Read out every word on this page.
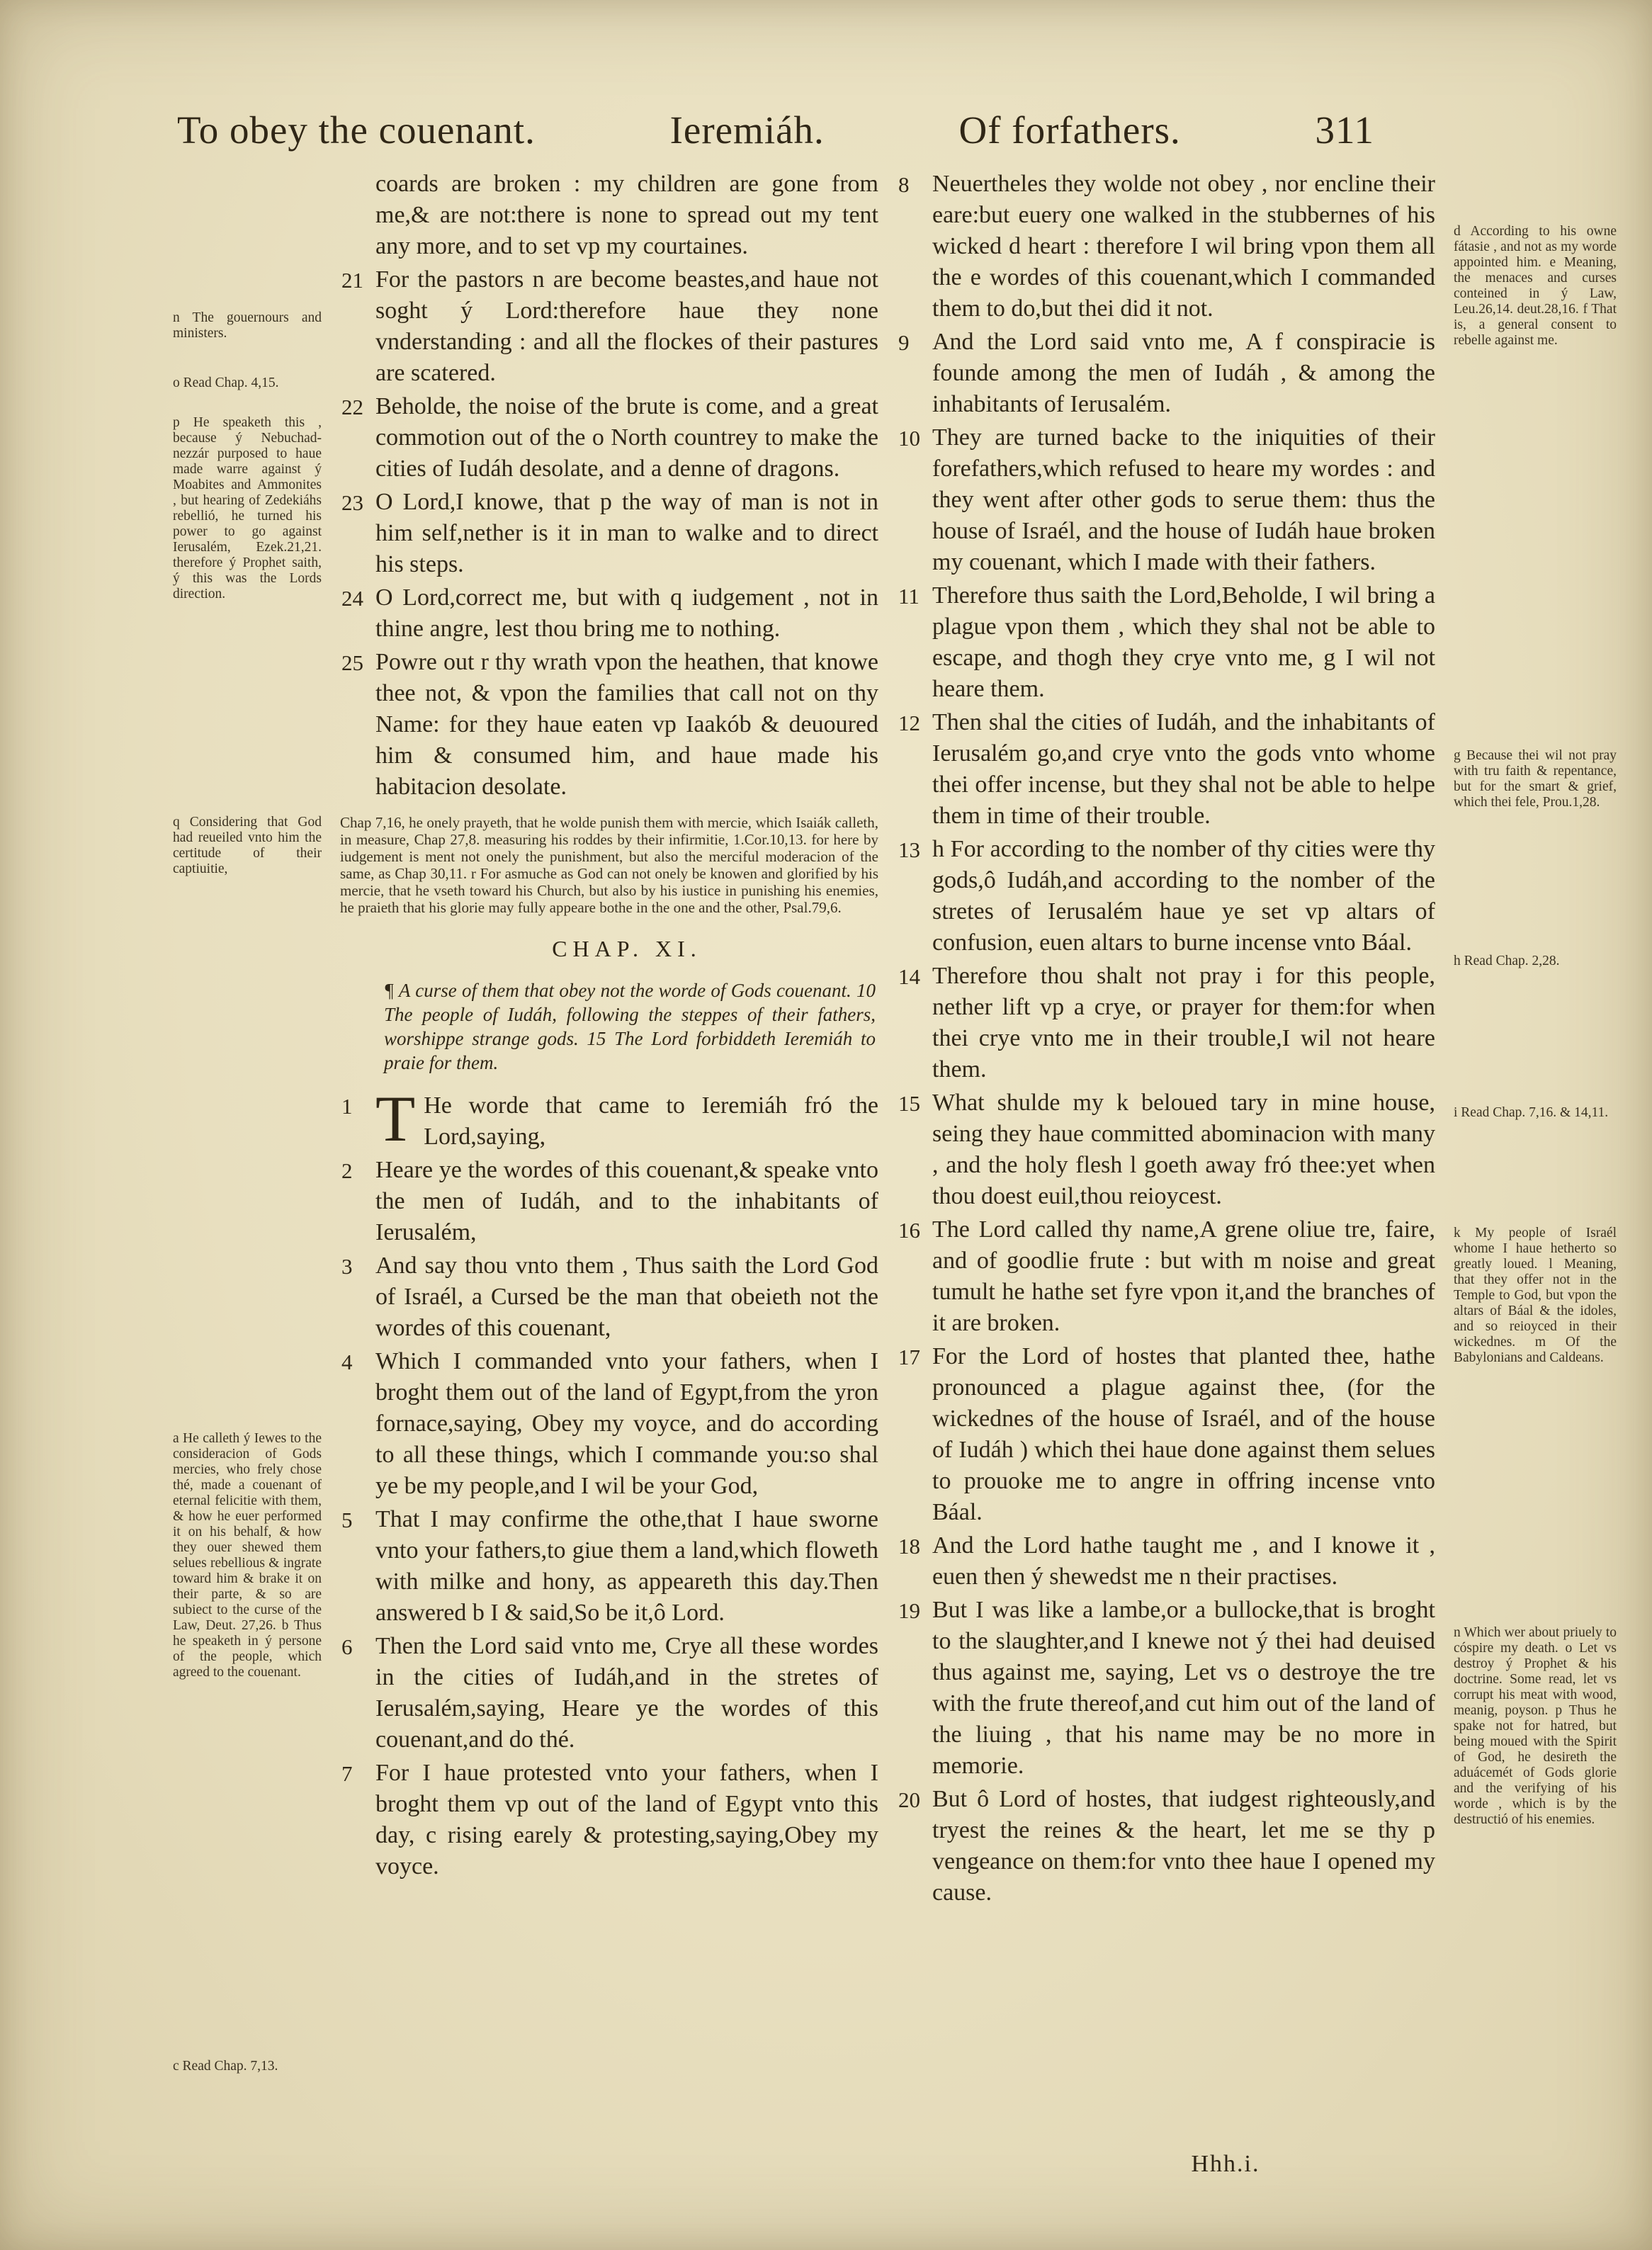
To obey the couenant.	Ieremiáh.	Of forfathers.	311
n The gouernours and ministers.
o Read Chap. 4,15.
p He speaketh this , because ý Nebuchad-nezzár purposed to haue made warre against ý Moabites and Ammonites , but hearing of Zedekiáhs rebellió, he turned his power to go against Ierusalém, Ezek.21,21. therefore ý Prophet saith, ý this was the Lords direction.
q Considering that God had reueiled vnto him the certitude of their captiuitie,
a He calleth ý Iewes to the consideracion of Gods mercies, who frely chose thé, made a couenant of eternal felicitie with them, & how he euer performed it on his behalf, & how they ouer shewed them selues rebellious & ingrate toward him & brake it on their parte, & so are subiect to the curse of the Law, Deut. 27,26. b Thus he speaketh in ý persone of the people, which agreed to the couenant.
c Read Chap. 7,13.
coards are broken : my children are gone from me,& are not:there is none to spread out my tent any more, and to set vp my courtaines.
21 For the pastors n are become beastes,and haue not soght ý Lord:therefore haue they none vnderstanding : and all the flockes of their pastures are scatered.
22 Beholde, the noise of the brute is come, and a great commotion out of the o North countrey to make the cities of Iudáh desolate, and a denne of dragons.
23 O Lord,I knowe, that p the way of man is not in him self,nether is it in man to walke and to direct his steps.
24 O Lord,correct me, but with q iudgement , not in thine angre, lest thou bring me to nothing.
25 Powre out r thy wrath vpon the heathen, that knowe thee not, & vpon the families that call not on thy Name: for they haue eaten vp Iaakób & deuoured him & consumed him, and haue made his habitacion desolate.
Chap 7,16, he onely prayeth, that he wolde punish them with mercie, which Isaiák calleth, in measure, Chap 27,8. measuring his roddes by their infirmitie, 1.Cor.10,13. for here by iudgement is ment not onely the punishment, but also the merciful moderacion of the same, as Chap 30,11. r For asmuche as God can not onely be knowen and glorified by his mercie, that he vseth toward his Church, but also by his iustice in punishing his enemies, he praieth that his glorie may fully appeare bothe in the one and the other, Psal.79,6.
CHAP. XI.
¶ A curse of them that obey not the worde of Gods couenant. 10 The people of Iudáh, following the steppes of their fathers, worshippe strange gods. 15 The Lord forbiddeth Ieremiáh to praie for them.
1 T He worde that came to Ieremiáh fró the Lord,saying,
2 Heare ye the wordes of this couenant,& speake vnto the men of Iudáh, and to the inhabitants of Ierusalém,
3 And say thou vnto them , Thus saith the Lord God of Israél, a Cursed be the man that obeieth not the wordes of this couenant,
4 Which I commanded vnto your fathers, when I broght them out of the land of Egypt,from the yron fornace,saying, Obey my voyce, and do according to all these things, which I commande you:so shal ye be my people,and I wil be your God,
5 That I may confirme the othe,that I haue sworne vnto your fathers,to giue them a land,which floweth with milke and hony, as appeareth this day.Then answered b I & said,So be it,ô Lord.
6 Then the Lord said vnto me, Crye all these wordes in the cities of Iudáh,and in the stretes of Ierusalém,saying, Heare ye the wordes of this couenant,and do thé.
7 For I haue protested vnto your fathers, when I broght them vp out of the land of Egypt vnto this day, c rising earely & protesting,saying,Obey my voyce.
8 Neuertheles they wolde not obey , nor encline their eare:but euery one walked in the stubbernes of his wicked d heart : therefore I wil bring vpon them all the e wordes of this couenant,which I commanded them to do,but thei did it not.
9 And the Lord said vnto me, A f conspiracie is founde among the men of Iudáh , & among the inhabitants of Ierusalém.
10 They are turned backe to the iniquities of their forefathers,which refused to heare my wordes : and they went after other gods to serue them: thus the house of Israél, and the house of Iudáh haue broken my couenant, which I made with their fathers.
11 Therefore thus saith the Lord,Beholde, I wil bring a plague vpon them , which they shal not be able to escape, and thogh they crye vnto me, g I wil not heare them.
12 Then shal the cities of Iudáh, and the inhabitants of Ierusalém go,and crye vnto the gods vnto whome thei offer incense, but they shal not be able to helpe them in time of their trouble.
13 h For according to the nomber of thy cities were thy gods,ô Iudáh,and according to the nomber of the stretes of Ierusalém haue ye set vp altars of confusion, euen altars to burne incense vnto Báal.
14 Therefore thou shalt not pray i for this people, nether lift vp a crye, or prayer for them:for when thei crye vnto me in their trouble,I wil not heare them.
15 What shulde my k beloued tary in mine house, seing they haue committed abominacion with many , and the holy flesh l goeth away fró thee:yet when thou doest euil,thou reioycest.
16 The Lord called thy name,A grene oliue tre, faire, and of goodlie frute : but with m noise and great tumult he hathe set fyre vpon it,and the branches of it are broken.
17 For the Lord of hostes that planted thee, hathe pronounced a plague against thee, (for the wickednes of the house of Israél, and of the house of Iudáh ) which thei haue done against them selues to prouoke me to angre in offring incense vnto Báal.
18 And the Lord hathe taught me , and I knowe it , euen then ý shewedst me n their practises.
19 But I was like a lambe,or a bullocke,that is broght to the slaughter,and I knewe not ý thei had deuised thus against me, saying, Let vs o destroye the tre with the frute thereof,and cut him out of the land of the liuing , that his name may be no more in memorie.
20 But ô Lord of hostes, that iudgest righteously,and tryest the reines & the heart, let me se thy p vengeance on them:for vnto thee haue I opened my cause.
d According to his owne fátasie , and not as my worde appointed him. e Meaning, the menaces and curses conteined in ý Law, Leu.26,14. deut.28,16. f That is, a general consent to rebelle against me.
g Because thei wil not pray with tru faith & repentance, but for the smart & grief, which thei fele, Prou.1,28.
h Read Chap. 2,28.
i Read Chap. 7,16. & 14,11.
k My people of Israél whome I haue hetherto so greatly loued. l Meaning, that they offer not in the Temple to God, but vpon the altars of Báal & the idoles, and so reioyced in their wickednes. m Of the Babylonians and Caldeans.
n Which wer about priuely to cóspire my death. o Let vs destroy ý Prophet & his doctrine. Some read, let vs corrupt his meat with wood, meanig, poyson. p Thus he spake not for hatred, but being moued with the Spirit of God, he desireth the aduácemét of Gods glorie and the verifying of his worde , which is by the destructió of his enemies.
Hhh.i.
